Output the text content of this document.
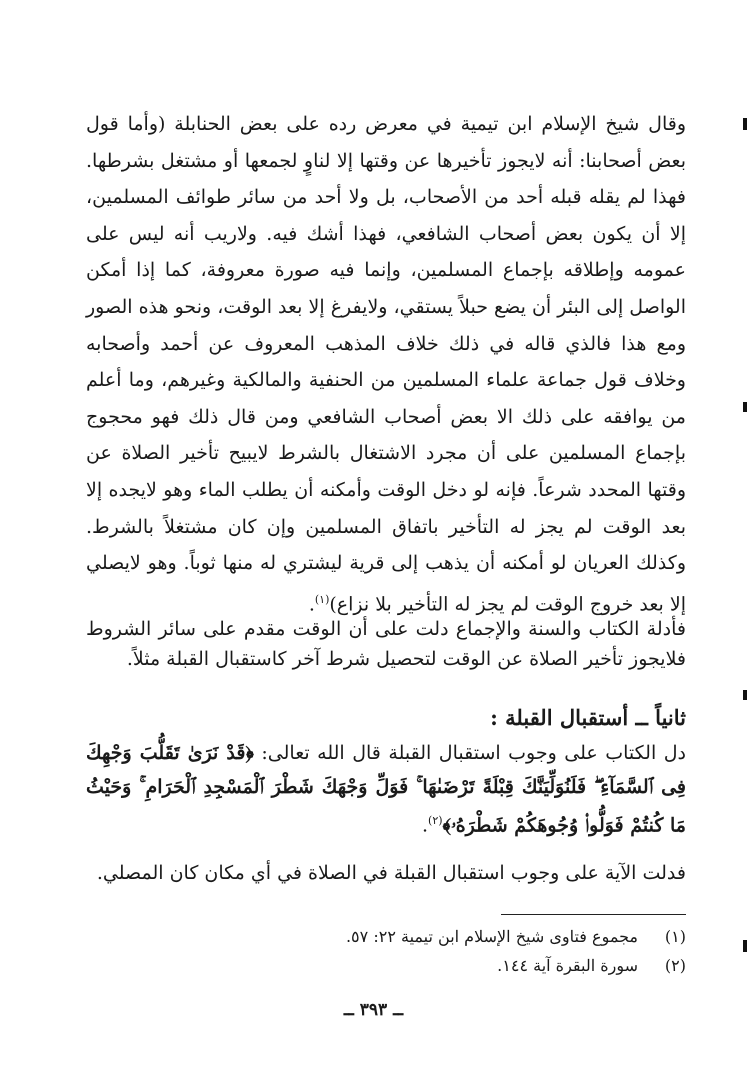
وقال شيخ الإسلام ابن تيمية في معرض رده على بعض الحنابلة (وأما قول بعض أصحابنا: أنه لايجوز تأخيرها عن وقتها إلا لناوٍ لجمعها أو مشتغل بشرطها. فهذا لم يقله قبله أحد من الأصحاب، بل ولا أحد من سائر طوائف المسلمين، إلا أن يكون بعض أصحاب الشافعي، فهذا أشك فيه. ولاريب أنه ليس على عمومه وإطلاقه بإجماع المسلمين، وإنما فيه صورة معروفة، كما إذا أمكن الواصل إلى البئر أن يضع حبلاً يستقي، ولايفرغ إلا بعد الوقت، ونحو هذه الصور ومع هذا فالذي قاله في ذلك خلاف المذهب المعروف عن أحمد وأصحابه وخلاف قول جماعة علماء المسلمين من الحنفية والمالكية وغيرهم، وما أعلم من يوافقه على ذلك الا بعض أصحاب الشافعي ومن قال ذلك فهو محجوج بإجماع المسلمين على أن مجرد الاشتغال بالشرط لايبيح تأخير الصلاة عن وقتها المحدد شرعاً. فإنه لو دخل الوقت وأمكنه أن يطلب الماء وهو لايجده إلا بعد الوقت لم يجز له التأخير باتفاق المسلمين وإن كان مشتغلاً بالشرط. وكذلك العريان لو أمكنه أن يذهب إلى قرية ليشتري له منها ثوباً. وهو لايصلي إلا بعد خروج الوقت لم يجز له التأخير بلا نزاع)$^{(١)}$.
فأدلة الكتاب والسنة والإجماع دلت على أن الوقت مقدم على سائر الشروط فلايجوز تأخير الصلاة عن الوقت لتحصيل شرط آخر كاستقبال القبلة مثلاً.
ثانياً ــ أستقبال القبلة :
دل الكتاب على وجوب استقبال القبلة قال الله تعالى: ﴿قَدْ نَرَىٰ تَقَلُّبَ وَجْهِكَ فِى ٱلسَّمَآءِ ۖ فَلَنُوَلِّيَنَّكَ قِبْلَةً تَرْضَىٰهَا ۚ فَوَلِّ وَجْهَكَ شَطْرَ ٱلْمَسْجِدِ ٱلْحَرَامِ ۚ وَحَيْثُ مَا كُنتُمْ فَوَلُّوا۟ وُجُوهَكُمْ شَطْرَهُۥ﴾$^{(٢)}$.
فدلت الآية على وجوب استقبال القبلة في الصلاة في أي مكان كان المصلي.
(١)
مجموع فتاوى شيخ الإسلام ابن تيمية ٢٢: ٥٧.
(٢)
سورة البقرة آية ١٤٤.
ــ ٣٩٣ ــ
